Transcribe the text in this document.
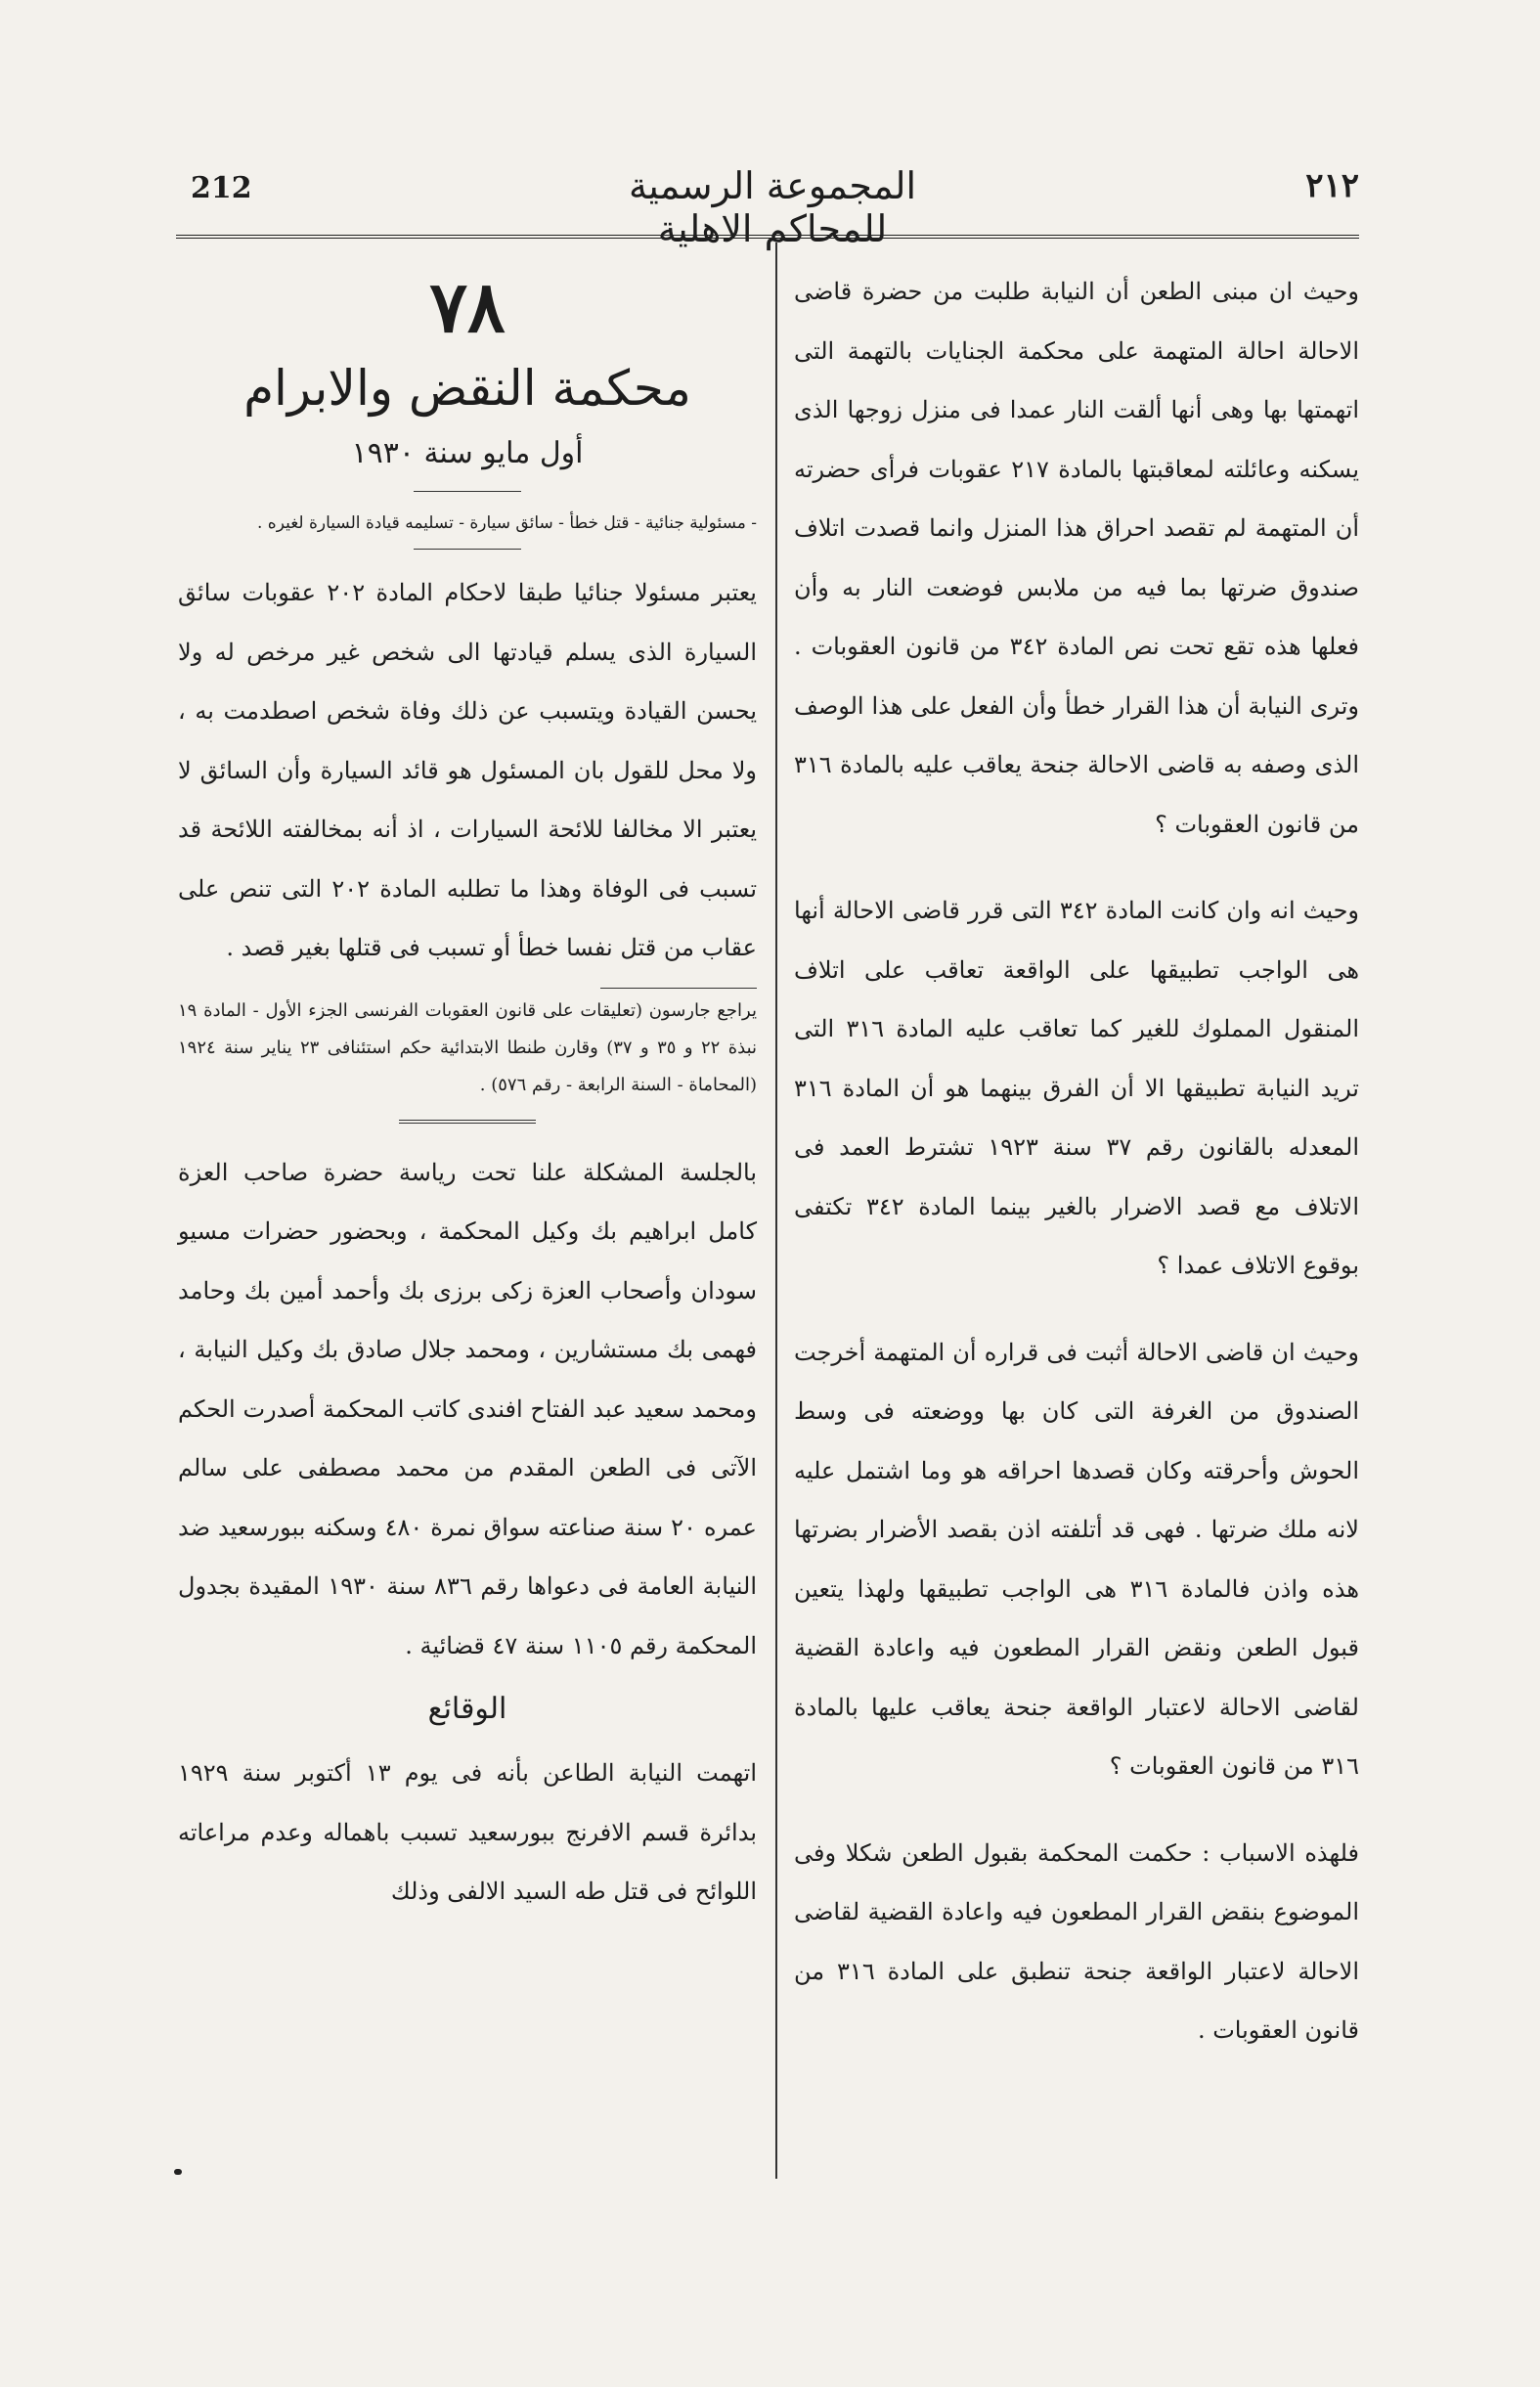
212	المجموعة الرسمية للمحاكم الاهلية
٢١٢

وحيث ان مبنى الطعن أن النيابة طلبت من حضرة قاضى الاحالة احالة المتهمة على محكمة الجنايات بالتهمة التى اتهمتها بها وهى أنها ألقت النار عمدا فى منزل زوجها الذى يسكنه وعائلته لمعاقبتها بالمادة ٢١٧ عقوبات فرأى حضرته أن المتهمة لم تقصد احراق هذا المنزل وانما قصدت اتلاف صندوق ضرتها بما فيه من ملابس فوضعت النار به وأن فعلها هذه تقع تحت نص المادة ٣٤٢ من قانون العقوبات . وترى النيابة أن هذا القرار خطأ وأن الفعل على هذا الوصف الذى وصفه به قاضى الاحالة جنحة يعاقب عليه بالمادة ٣١٦ من قانون العقوبات ؟

وحيث انه وان كانت المادة ٣٤٢ التى قرر قاضى الاحالة أنها هى الواجب تطبيقها على الواقعة تعاقب على اتلاف المنقول المملوك للغير كما تعاقب عليه المادة ٣١٦ التى تريد النيابة تطبيقها الا أن الفرق بينهما هو أن المادة ٣١٦ المعدله بالقانون رقم ٣٧ سنة ١٩٢٣ تشترط العمد فى الاتلاف مع قصد الاضرار بالغير بينما المادة ٣٤٢ تكتفى بوقوع الاتلاف عمدا ؟

وحيث ان قاضى الاحالة أثبت فى قراره أن المتهمة أخرجت الصندوق من الغرفة التى كان بها ووضعته فى وسط الحوش وأحرقته وكان قصدها احراقه هو وما اشتمل عليه لانه ملك ضرتها . فهى قد أتلفته اذن بقصد الأضرار بضرتها هذه واذن فالمادة ٣١٦ هى الواجب تطبيقها ولهذا يتعين قبول الطعن ونقض القرار المطعون فيه واعادة القضية لقاضى الاحالة لاعتبار الواقعة جنحة يعاقب عليها بالمادة ٣١٦ من قانون العقوبات ؟

فلهذه الاسباب : حكمت المحكمة بقبول الطعن شكلا وفى الموضوع بنقض القرار المطعون فيه واعادة القضية لقاضى الاحالة لاعتبار الواقعة جنحة تنطبق على المادة ٣١٦ من قانون العقوبات .

٧٨
محكمة النقض والابرام
أول مايو سنة ١٩٣٠

- مسئولية جنائية - قتل خطأ - سائق سيارة - تسليمه قيادة السيارة لغيره .

يعتبر مسئولا جنائيا طبقا لاحكام المادة ٢٠٢ عقوبات سائق السيارة الذى يسلم قيادتها الى شخص غير مرخص له ولا يحسن القيادة ويتسبب عن ذلك وفاة شخص اصطدمت به ، ولا محل للقول بان المسئول هو قائد السيارة وأن السائق لا يعتبر الا مخالفا للائحة السيارات ، اذ أنه بمخالفته اللائحة قد تسبب فى الوفاة وهذا ما تطلبه المادة ٢٠٢ التى تنص على عقاب من قتل نفسا خطأ أو تسبب فى قتلها بغير قصد .

يراجع جارسون (تعليقات على قانون العقوبات الفرنسى الجزء الأول - المادة ١٩ نبذة ٢٢ و ٣٥ و ٣٧) وقارن طنطا الابتدائية حكم استئنافى ٢٣ يناير سنة ١٩٢٤ (المحاماة - السنة الرابعة - رقم ٥٧٦) .

بالجلسة المشكلة علنا تحت رياسة حضرة صاحب العزة كامل ابراهيم بك وكيل المحكمة ، وبحضور حضرات مسيو سودان وأصحاب العزة زكى برزى بك وأحمد أمين بك وحامد فهمى بك مستشارين ، ومحمد جلال صادق بك وكيل النيابة ، ومحمد سعيد عبد الفتاح افندى كاتب المحكمة أصدرت الحكم الآتى فى الطعن المقدم من محمد مصطفى على سالم عمره ٢٠ سنة صناعته سواق نمرة ٤٨٠ وسكنه ببورسعيد ضد النيابة العامة فى دعواها رقم ٨٣٦ سنة ١٩٣٠ المقيدة بجدول المحكمة رقم ١١٠٥ سنة ٤٧ قضائية .

الوقائع

اتهمت النيابة الطاعن بأنه فى يوم ١٣ أكتوبر سنة ١٩٢٩ بدائرة قسم الافرنج ببورسعيد تسبب باهماله وعدم مراعاته اللوائح فى قتل طه السيد الالفى وذلك
